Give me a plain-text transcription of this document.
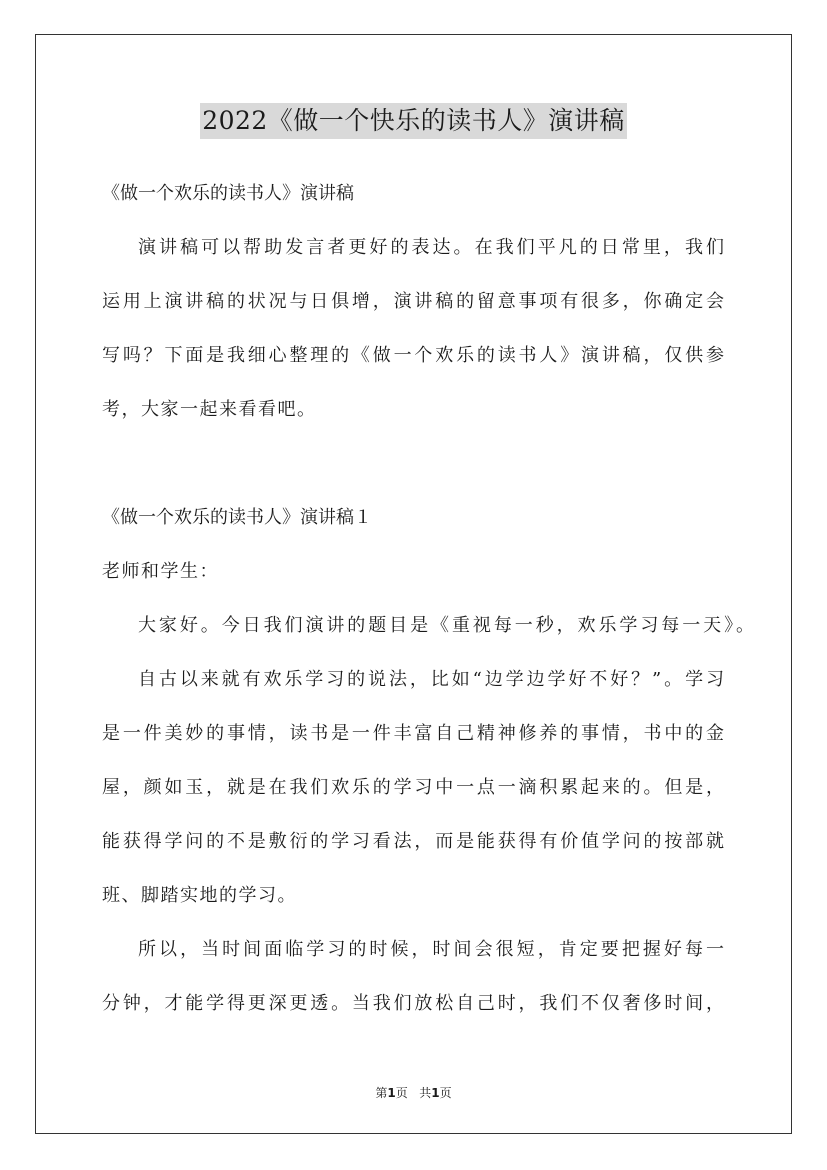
2022《做一个快乐的读书人》演讲稿
《做一个欢乐的读书人》演讲稿
演讲稿可以帮助发言者更好的表达。在我们平凡的日常里，我们
运用上演讲稿的状况与日俱增，演讲稿的留意事项有很多，你确定会
写吗？下面是我细心整理的《做一个欢乐的读书人》演讲稿，仅供参
考，大家一起来看看吧。
《做一个欢乐的读书人》演讲稿１
老师和学生：
大家好。今日我们演讲的题目是《重视每一秒，欢乐学习每一天》。
自古以来就有欢乐学习的说法，比如“边学边学好不好？”。学习
是一件美妙的事情，读书是一件丰富自己精神修养的事情，书中的金
屋，颜如玉，就是在我们欢乐的学习中一点一滴积累起来的。但是，
能获得学问的不是敷衍的学习看法，而是能获得有价值学问的按部就
班、脚踏实地的学习。
所以，当时间面临学习的时候，时间会很短，肯定要把握好每一
分钟，才能学得更深更透。当我们放松自己时，我们不仅奢侈时间，
第1页 共1页
